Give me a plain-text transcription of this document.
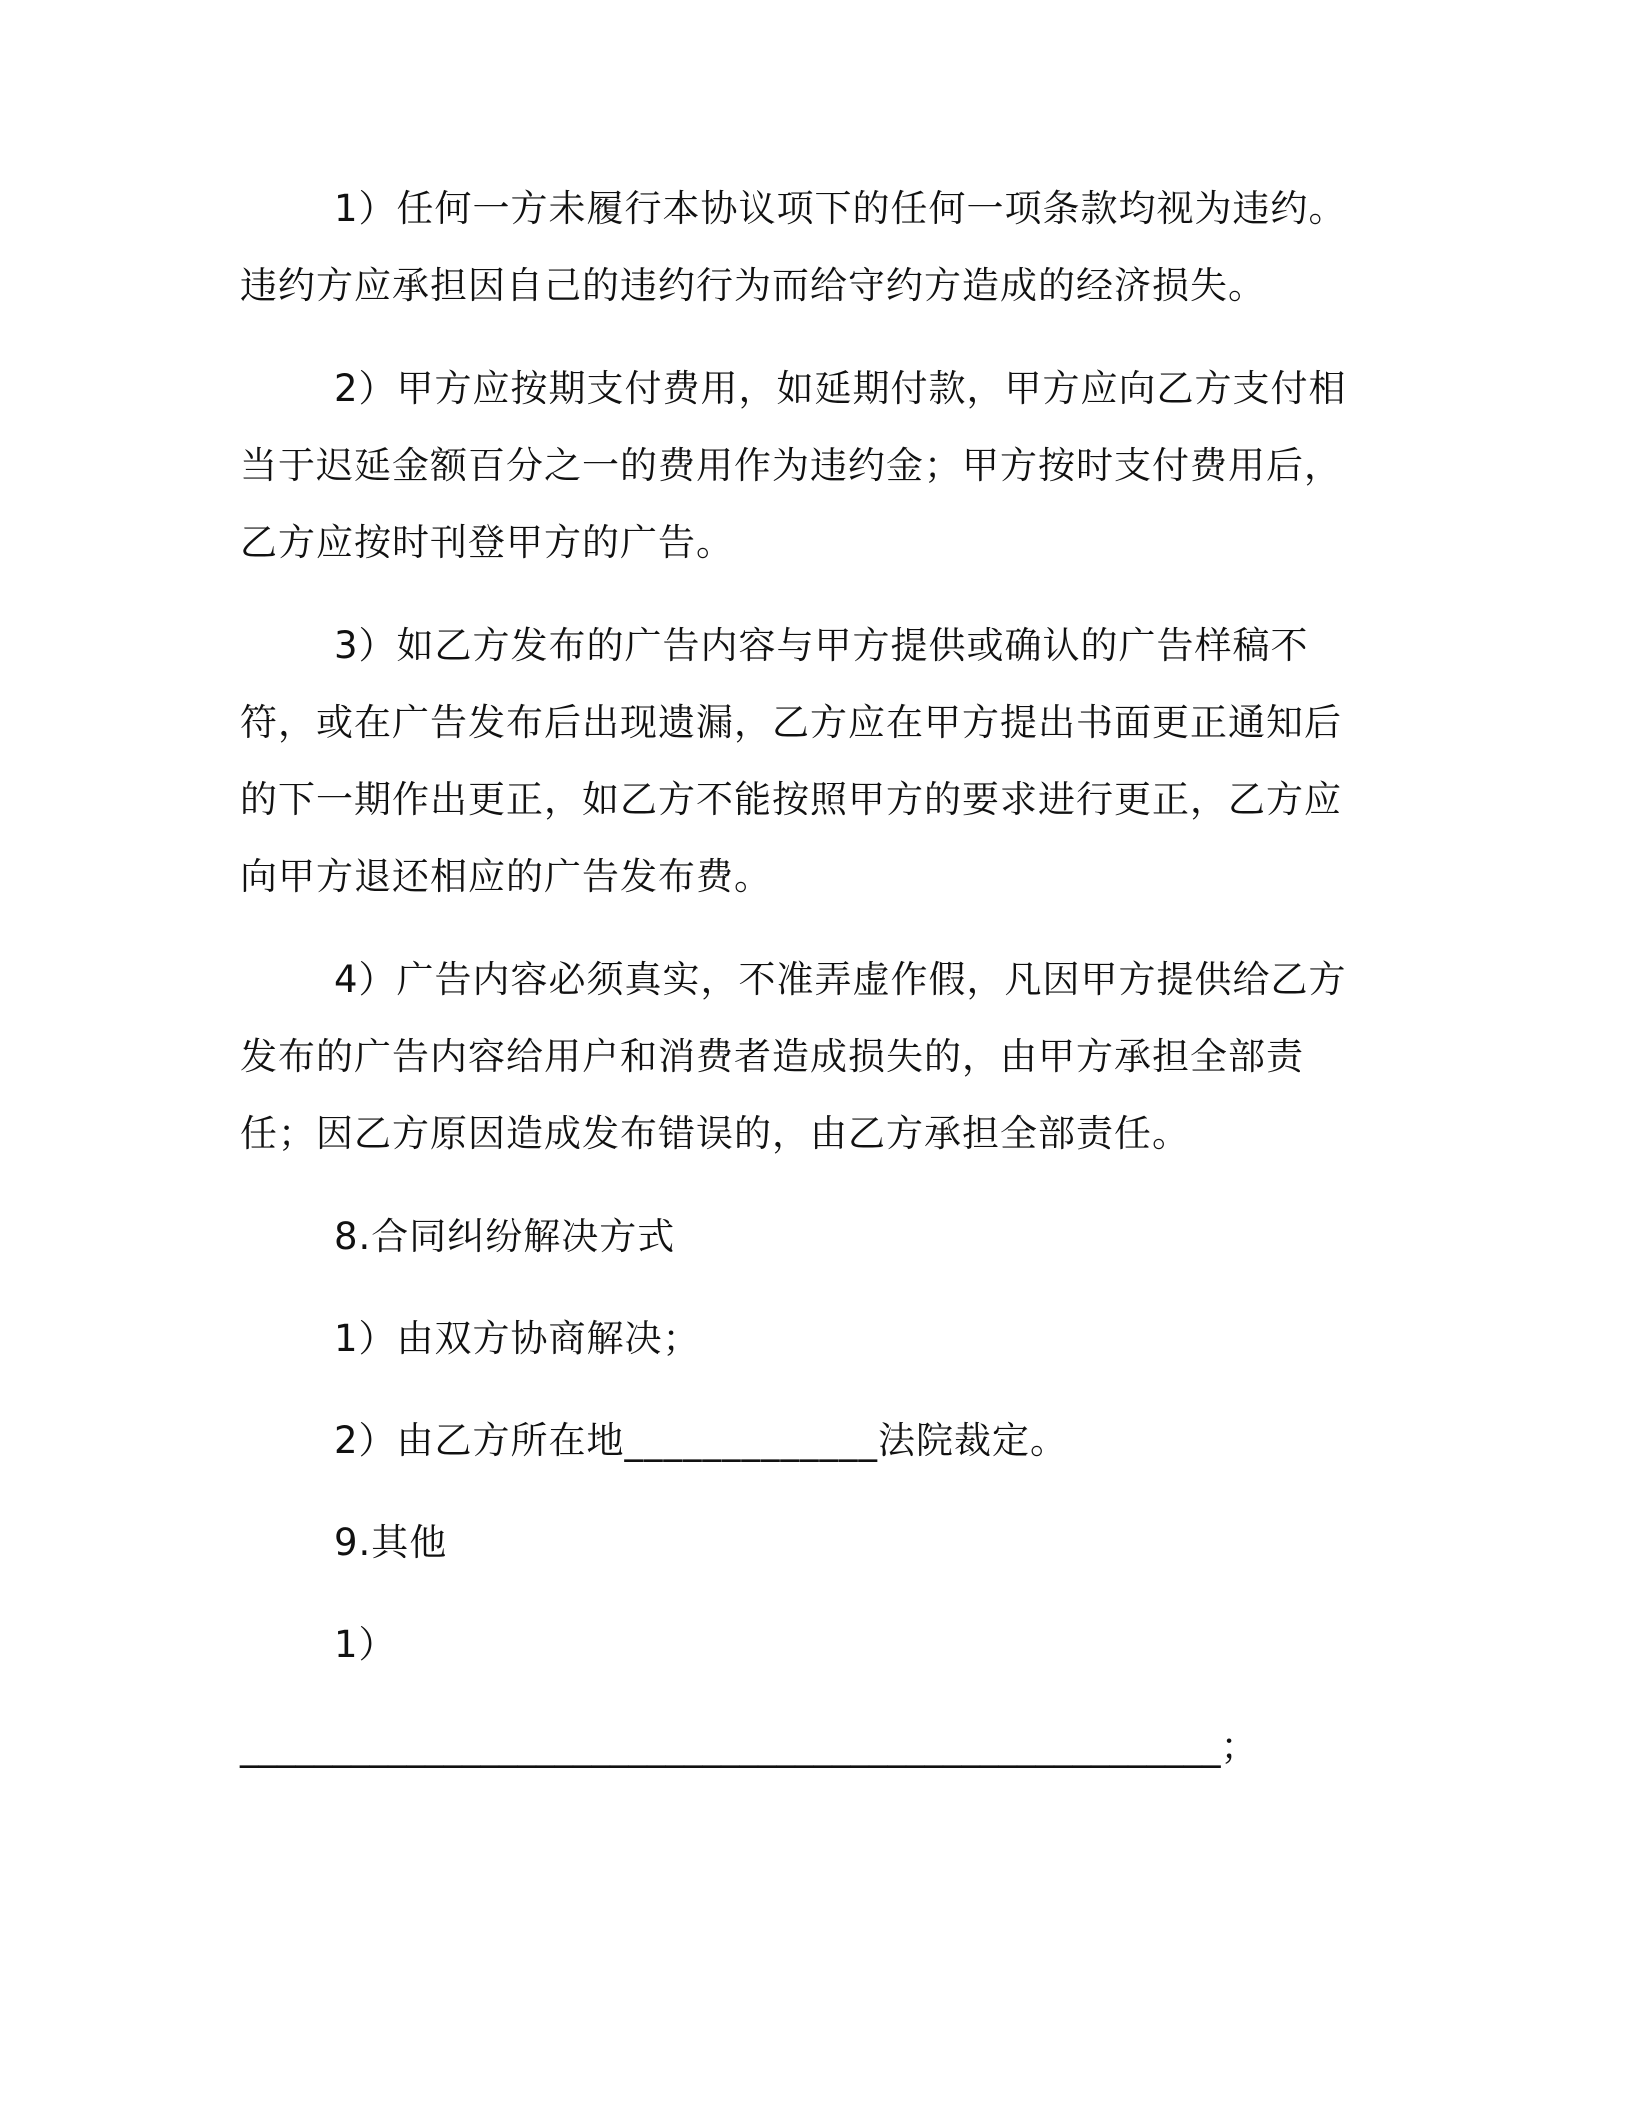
1）任何一方未履行本协议项下的任何一项条款均视为违约。违约方应承担因自己的违约行为而给守约方造成的经济损失。

2）甲方应按期支付费用，如延期付款，甲方应向乙方支付相当于迟延金额百分之一的费用作为违约金；甲方按时支付费用后，乙方应按时刊登甲方的广告。

3）如乙方发布的广告内容与甲方提供或确认的广告样稿不符，或在广告发布后出现遗漏，乙方应在甲方提出书面更正通知后的下一期作出更正，如乙方不能按照甲方的要求进行更正，乙方应向甲方退还相应的广告发布费。

4）广告内容必须真实，不准弄虚作假，凡因甲方提供给乙方发布的广告内容给用户和消费者造成损失的，由甲方承担全部责任；因乙方原因造成发布错误的，由乙方承担全部责任。

8.合同纠纷解决方式

1）由双方协商解决；

2）由乙方所在地_____________法院裁定。

9.其他

1）

_____________________________________________________；
